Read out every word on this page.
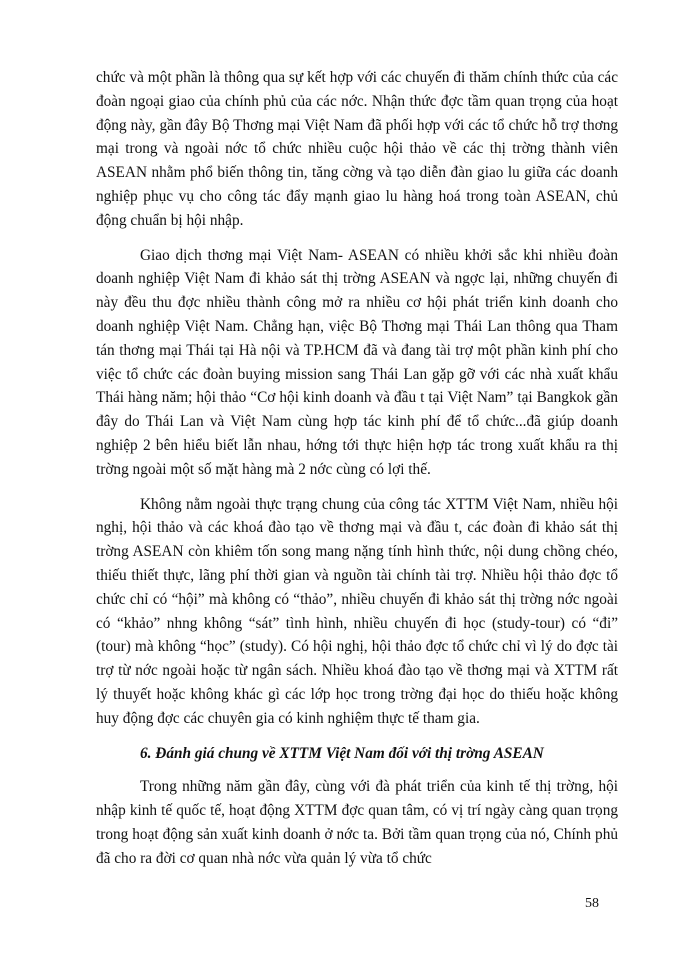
chức và một phần là thông qua sự kết hợp với các chuyến đi thăm chính thức của các đoàn ngoại giao của chính phủ của các nớc. Nhận thức đợc tầm quan trọng của hoạt động này, gần đây Bộ Thơng mại Việt Nam đã phối hợp với các tổ chức hỗ trợ thơng mại trong và ngoài nớc tổ chức nhiều cuộc hội thảo về các thị trờng thành viên ASEAN nhằm phổ biến thông tin, tăng cờng và tạo diễn đàn giao lu giữa các doanh nghiệp phục vụ cho công tác đẩy mạnh giao lu hàng hoá trong toàn ASEAN, chủ động chuẩn bị hội nhập.

Giao dịch thơng mại Việt Nam- ASEAN có nhiều khởi sắc khi nhiều đoàn doanh nghiệp Việt Nam đi khảo sát thị trờng ASEAN và ngợc lại, những chuyến đi này đều thu đợc nhiều thành công mở ra nhiều cơ hội phát triển kinh doanh cho doanh nghiệp Việt Nam. Chẳng hạn, việc Bộ Thơng mại Thái Lan thông qua Tham tán thơng mại Thái tại Hà nội và TP.HCM đã và đang tài trợ một phần kinh phí cho việc tổ chức các đoàn buying mission sang Thái Lan gặp gỡ với các nhà xuất khẩu Thái hàng năm; hội thảo “Cơ hội kinh doanh và đầu t tại Việt Nam” tại Bangkok gần đây do Thái Lan và Việt Nam cùng hợp tác kinh phí để tổ chức...đã giúp doanh nghiệp 2 bên hiểu biết lẫn nhau, hớng tới thực hiện hợp tác trong xuất khẩu ra thị trờng ngoài một số mặt hàng mà 2 nớc cùng có lợi thế.

Không nằm ngoài thực trạng chung của công tác XTTM Việt Nam, nhiều hội nghị, hội thảo và các khoá đào tạo về thơng mại và đầu t, các đoàn đi khảo sát thị trờng ASEAN còn khiêm tốn song mang nặng tính hình thức, nội dung chồng chéo, thiếu thiết thực, lãng phí thời gian và nguồn tài chính tài trợ. Nhiều hội thảo đợc tổ chức chỉ có “hội” mà không có “thảo”, nhiều chuyến đi khảo sát thị trờng nớc ngoài có “khảo” nhng không “sát” tình hình, nhiều chuyến đi học (study-tour) có “đi” (tour) mà không “học” (study). Có hội nghị, hội thảo đợc tổ chức chỉ vì lý do đợc tài trợ từ nớc ngoài hoặc từ ngân sách. Nhiều khoá đào tạo về thơng mại và XTTM rất lý thuyết hoặc không khác gì các lớp học trong trờng đại học do thiếu hoặc không huy động đợc các chuyên gia có kinh nghiệm thực tế tham gia.

6. Đánh giá chung về XTTM Việt Nam đối với thị trờng ASEAN

Trong những năm gần đây, cùng với đà phát triển của kinh tế thị trờng, hội nhập kinh tế quốc tế, hoạt động XTTM đợc quan tâm, có vị trí ngày càng quan trọng trong hoạt động sản xuất kinh doanh ở nớc ta. Bởi tầm quan trọng của nó, Chính phủ đã cho ra đời cơ quan nhà nớc vừa quản lý vừa tổ chức

58
